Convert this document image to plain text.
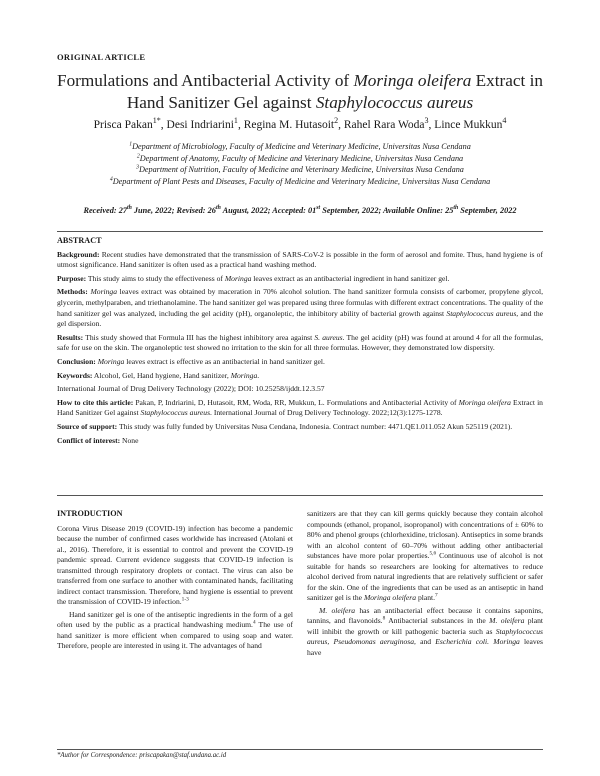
ORIGINAL ARTICLE
Formulations and Antibacterial Activity of Moringa oleifera Extract in
Hand Sanitizer Gel against Staphylococcus aureus
Prisca Pakan$^{1*}$, Desi Indriarini$^1$, Regina M. Hutasoit$^2$, Rahel Rara Woda$^3$, Lince Mukkun$^4$
$^1$Department of Microbiology, Faculty of Medicine and Veterinary Medicine, Universitas Nusa Cendana
$^2$Department of Anatomy, Faculty of Medicine and Veterinary Medicine, Universitas Nusa Cendana
$^3$Department of Nutrition, Faculty of Medicine and Veterinary Medicine, Universitas Nusa Cendana
$^4$Department of Plant Pests and Diseases, Faculty of Medicine and Veterinary Medicine, Universitas Nusa Cendana
Received: 27th June, 2022; Revised: 26th August, 2022; Accepted: 01st September, 2022; Available Online: 25th September, 2022
ABSTRACT

Background: Recent studies have demonstrated that the transmission of SARS-CoV-2 is possible in the form of aerosol and fomite. Thus, hand hygiene is of utmost significance. Hand sanitizer is often used as a practical hand washing method.

Purpose: This study aims to study the effectiveness of Moringa leaves extract as an antibacterial ingredient in hand sanitizer gel.

Methods: Moringa leaves extract was obtained by maceration in 70% alcohol solution. The hand sanitizer formula consists of carbomer, propylene glycol, glycerin, methylparaben, and triethanolamine. The hand sanitizer gel was prepared using three formulas with different extract concentrations. The quality of the hand sanitizer gel was analyzed, including the gel acidity (pH), organoleptic, the inhibitory ability of bacterial growth against Staphylococcus aureus, and the gel dispersion.

Results: This study showed that Formula III has the highest inhibitory area against S. aureus. The gel acidity (pH) was found at around 4 for all the formulas, safe for use on the skin. The organoleptic test showed no irritation to the skin for all three formulas. However, they demonstrated low dispersity.

Conclusion: Moringa leaves extract is effective as an antibacterial in hand sanitizer gel.

Keywords: Alcohol, Gel, Hand hygiene, Hand sanitizer, Moringa.

International Journal of Drug Delivery Technology (2022); DOI: 10.25258/ijddt.12.3.57

How to cite this article: Pakan, P, Indriarini, D, Hutasoit, RM, Woda, RR, Mukkun, L. Formulations and Antibacterial Activity of Moringa oleifera Extract in Hand Sanitizer Gel against Staphylococcus aureus. International Journal of Drug Delivery Technology. 2022;12(3):1275-1278.

Source of support: This study was fully funded by Universitas Nusa Cendana, Indonesia. Contract number: 4471.QE1.011.052 Akun 525119 (2021).

Conflict of interest: None

INTRODUCTION

Corona Virus Disease 2019 (COVID-19) infection has become a pandemic because the number of confirmed cases worldwide has increased (Atolani et al., 2016). Therefore, it is essential to control and prevent the COVID-19 pandemic spread. Current evidence suggests that COVID-19 infection is transmitted through respiratory droplets or contact. The virus can also be transferred from one surface to another with contaminated hands, facilitating indirect contact transmission. Therefore, hand hygiene is essential to prevent the transmission of COVID-19 infection.$^{1-3}$

Hand sanitizer gel is one of the antiseptic ingredients in the form of a gel often used by the public as a practical handwashing medium.$^4$ The use of hand sanitizer is more efficient when compared to using soap and water. Therefore, people are interested in using it. The advantages of hand

sanitizers are that they can kill germs quickly because they contain alcohol compounds (ethanol, propanol, isopropanol) with concentrations of ± 60% to 80% and phenol groups (chlorhexidine, triclosan). Antiseptics in some brands with an alcohol content of 60–70% without adding other antibacterial substances have more polar properties.$^{5,6}$ Continuous use of alcohol is not suitable for hands so researchers are looking for alternatives to reduce alcohol derived from natural ingredients that are relatively sufficient or safer for the skin. One of the ingredients that can be used as an antiseptic in hand sanitizer gel is the Moringa oleifera plant.$^7$

M. oleifera has an antibacterial effect because it contains saponins, tannins, and flavonoids.$^8$ Antibacterial substances in the M. oleifera plant will inhibit the growth or kill pathogenic bacteria such as Staphylococcus aureus, Pseudomonas aeruginosa, and Escherichia coli. Moringa leaves have

*Author for Correspondence: priscapakan@staf.undana.ac.id
